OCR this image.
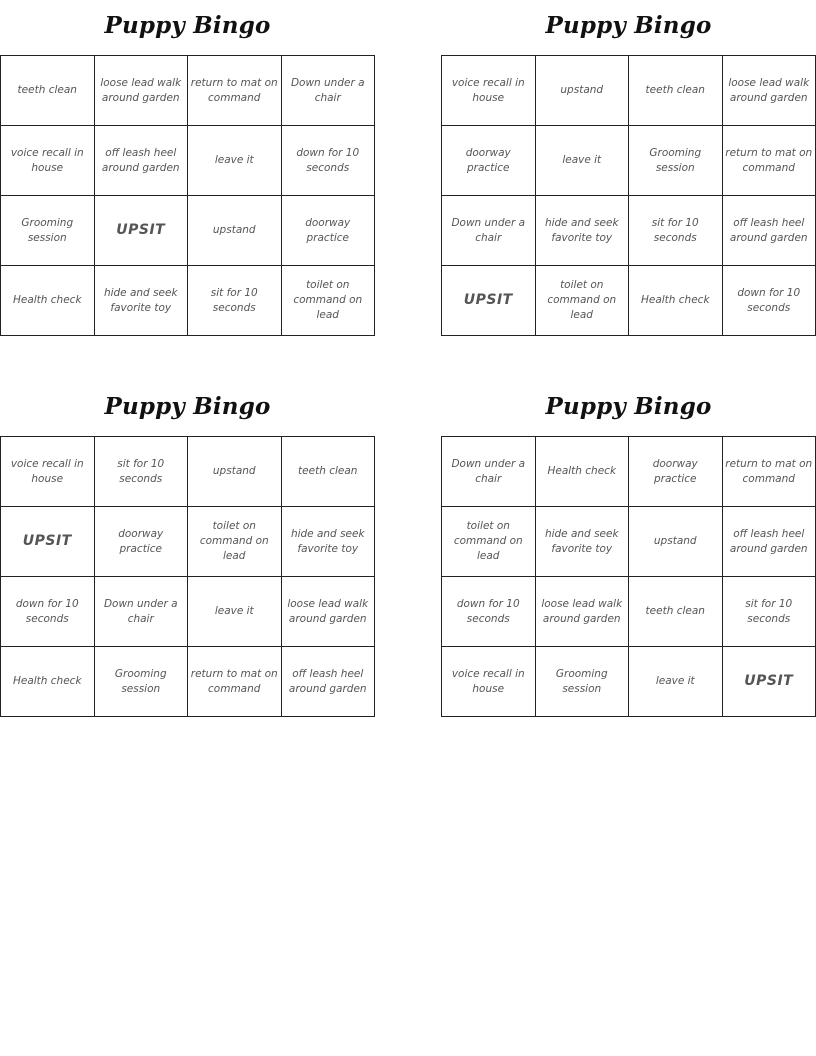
Puppy Bingo
teeth clean	loose lead walk around garden	return to mat on command	Down under a chair
voice recall in house	off leash heel around garden	leave it	down for 10 seconds
Grooming session	UPSIT	upstand	doorway practice
Health check	hide and seek favorite toy	sit for 10 seconds	toilet on command on lead
Puppy Bingo
voice recall in house	upstand	teeth clean	loose lead walk around garden
doorway practice	leave it	Grooming session	return to mat on command
Down under a chair	hide and seek favorite toy	sit for 10 seconds	off leash heel around garden
UPSIT	toilet on command on lead	Health check	down for 10 seconds
Puppy Bingo
voice recall in house	sit for 10 seconds	upstand	teeth clean
UPSIT	doorway practice	toilet on command on lead	hide and seek favorite toy
down for 10 seconds	Down under a chair	leave it	loose lead walk around garden
Health check	Grooming session	return to mat on command	off leash heel around garden
Puppy Bingo
Down under a chair	Health check	doorway practice	return to mat on command
toilet on command on lead	hide and seek favorite toy	upstand	off leash heel around garden
down for 10 seconds	loose lead walk around garden	teeth clean	sit for 10 seconds
voice recall in house	Grooming session	leave it	UPSIT
